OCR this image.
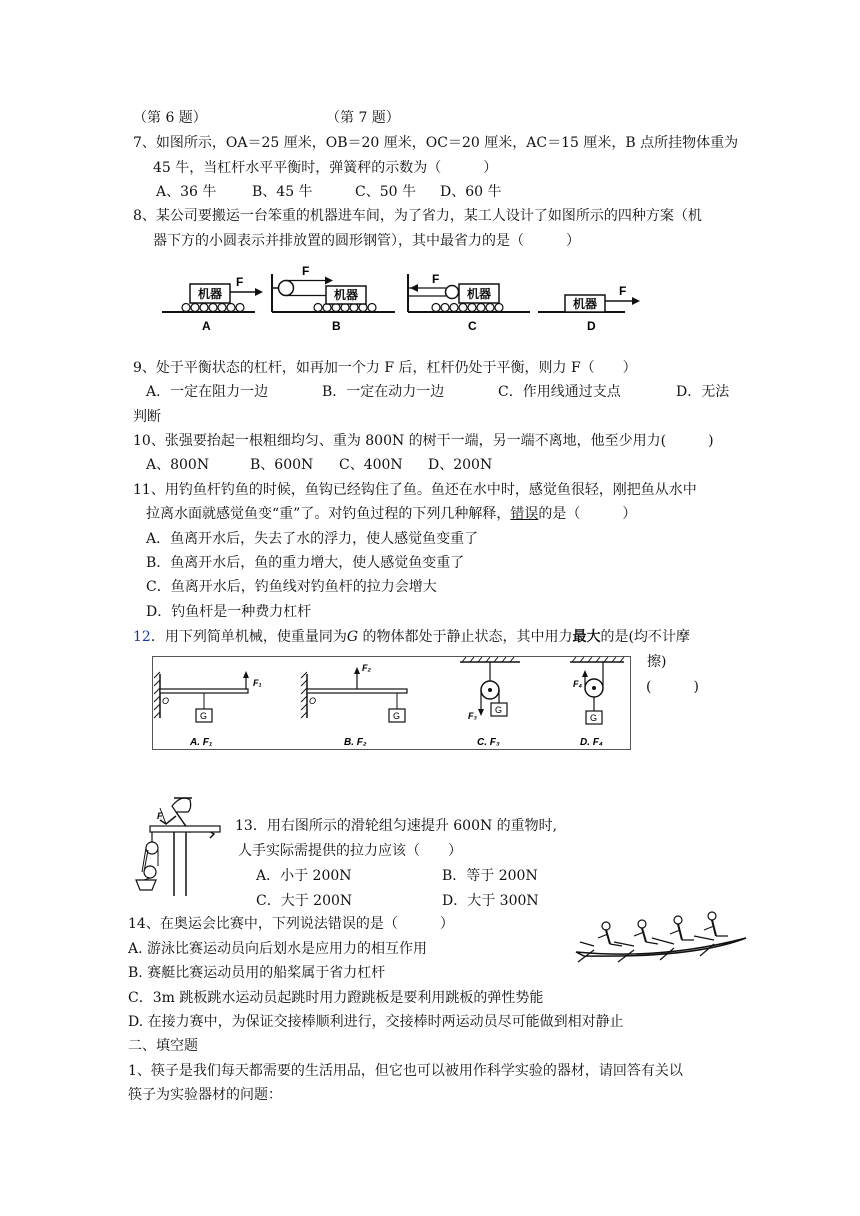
（第 6 题）	（第 7 题）
7、如图所示，OA＝25 厘米，OB＝20 厘米，OC＝20 厘米，AC＝15 厘米，B 点所挂物体重为
45 牛，当杠杆水平平衡时，弹簧秤的示数为（　　　）
A、36 牛	B、45 牛	C、50 牛 D、60 牛
8、某公司要搬运一台笨重的机器进车间，为了省力，某工人设计了如图所示的四种方案（机
器下方的小圆表示并排放置的圆形钢管），其中最省力的是（　　　）
机器
F
A
机器
F
B
机器
F
C
机器
F
D
9、处于平衡状态的杠杆，如再加一个力 F 后，杠杆仍处于平衡，则力 F（　　）
A．一定在阻力一边	B．一定在动力一边	C．作用线通过支点	D．无法
判断
10、张强要抬起一根粗细均匀、重为 800N 的树干一端，另一端不离地，他至少用力(　　　)
A、800N	B、600N C、400N D、200N
11、用钓鱼杆钓鱼的时候，鱼钩已经钩住了鱼。鱼还在水中时，感觉鱼很轻，刚把鱼从水中
拉离水面就感觉鱼变“重”了。对钓鱼过程的下列几种解释，错误的是（　　　）
A．鱼离开水后，失去了水的浮力，使人感觉鱼变重了
B．鱼离开水后，鱼的重力增大，使人感觉鱼变重了
C．鱼离开水后，钓鱼线对钓鱼杆的拉力会增大
D．钓鱼杆是一种费力杠杆
12．用下列简单机械，使重量同为G 的物体都处于静止状态，其中用力最大的是(均不计摩
擦)
(　　　)
G
O
F₁
A. F₁
F₂
G
O
B. F₂
F₃
G
C. F₃
F₄
G
D. F₄
F
13．用右图所示的滑轮组匀速提升 600N 的重物时,
人手实际需提供的拉力应该（　　）
A．小于 200N	B．等于 200N
C．大于 200N	D．大于 300N
14、在奥运会比赛中，下列说法错误的是（　　　）
A. 游泳比赛运动员向后划水是应用力的相互作用
B. 赛艇比赛运动员用的船桨属于省力杠杆
C．3m 跳板跳水运动员起跳时用力蹬跳板是要利用跳板的弹性势能
D. 在接力赛中，为保证交接棒顺利进行，交接棒时两运动员尽可能做到相对静止
二、填空题
1、筷子是我们每天都需要的生活用品，但它也可以被用作科学实验的器材，请回答有关以
筷子为实验器材的问题：
